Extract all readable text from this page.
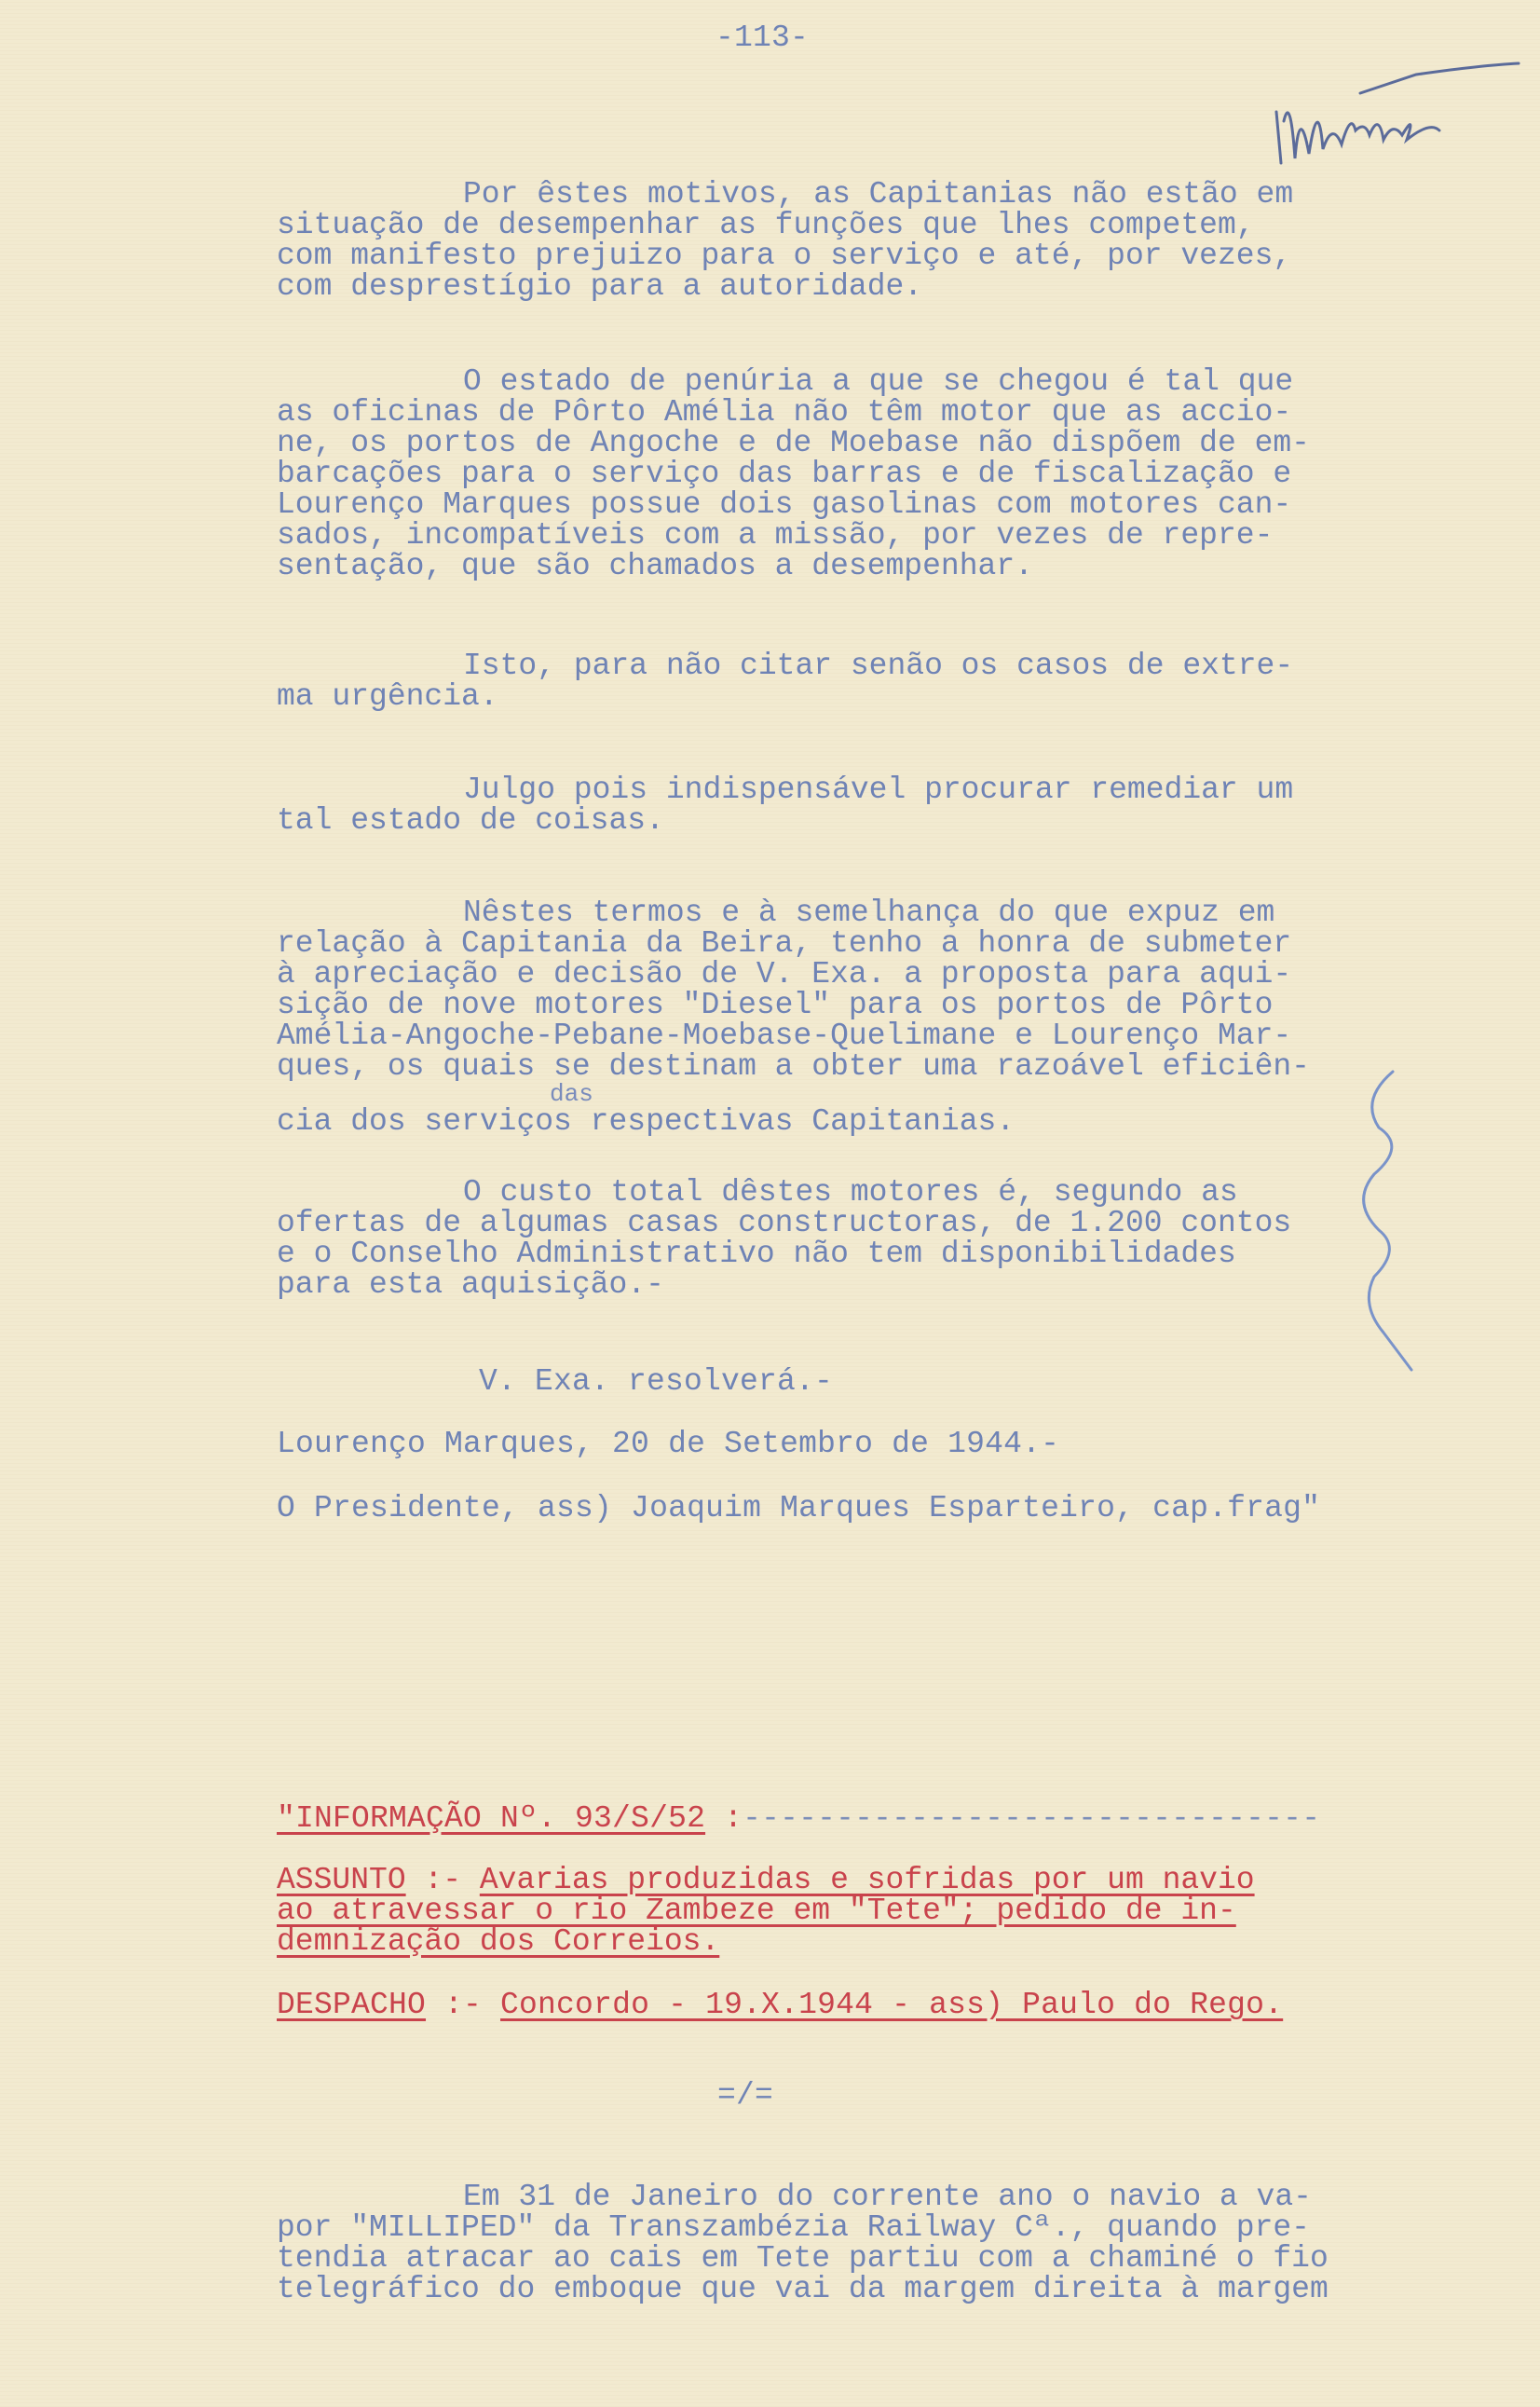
-113-
Por êstes motivos, as Capitanias não estão em
situação de desempenhar as funções que lhes competem,
com manifesto prejuizo para o serviço e até, por vezes,
com desprestígio para a autoridade.
O estado de penúria a que se chegou é tal que
as oficinas de Pôrto Amélia não têm motor que as accio-
ne, os portos de Angoche e de Moebase não dispõem de em-
barcações para o serviço das barras e de fiscalização e
Lourenço Marques possue dois gasolinas com motores can-
sados, incompatíveis com a missão, por vezes de repre-
sentação, que são chamados a desempenhar.
Isto, para não citar senão os casos de extre-
ma urgência.
Julgo pois indispensável procurar remediar um
tal estado de coisas.
Nêstes termos e à semelhança do que expuz em
relação à Capitania da Beira, tenho a honra de submeter
à apreciação e decisão de V. Exa. a proposta para aqui-
sição de nove motores "Diesel" para os portos de Pôrto
Amélia-Angoche-Pebane-Moebase-Quelimane e Lourenço Mar-
ques, os quais se destinam a obter uma razoável eficiên-
cia dos serviços respectivas Capitanias.
O custo total dêstes motores é, segundo as
ofertas de algumas casas constructoras, de 1.200 contos
e o Conselho Administrativo não tem disponibilidades
para esta aquisição.-
das
V. Exa. resolverá.-
Lourenço Marques, 20 de Setembro de 1944.-
O Presidente, ass) Joaquim Marques Esparteiro, cap.frag"
"INFORMAÇÃO Nº. 93/S/52 :-------------------------------
ASSUNTO :- Avarias produzidas e sofridas por um navio
ao atravessar o rio Zambeze em "Tete"; pedido de in-
demnização dos Correios.
DESPACHO :- Concordo - 19.X.1944 - ass) Paulo do Rego.
=/=
Em 31 de Janeiro do corrente ano o navio a va-
por "MILLIPED" da Transzambézia Railway Cª., quando pre-
tendia atracar ao cais em Tete partiu com a chaminé o fio
telegráfico do emboque que vai da margem direita à margem
